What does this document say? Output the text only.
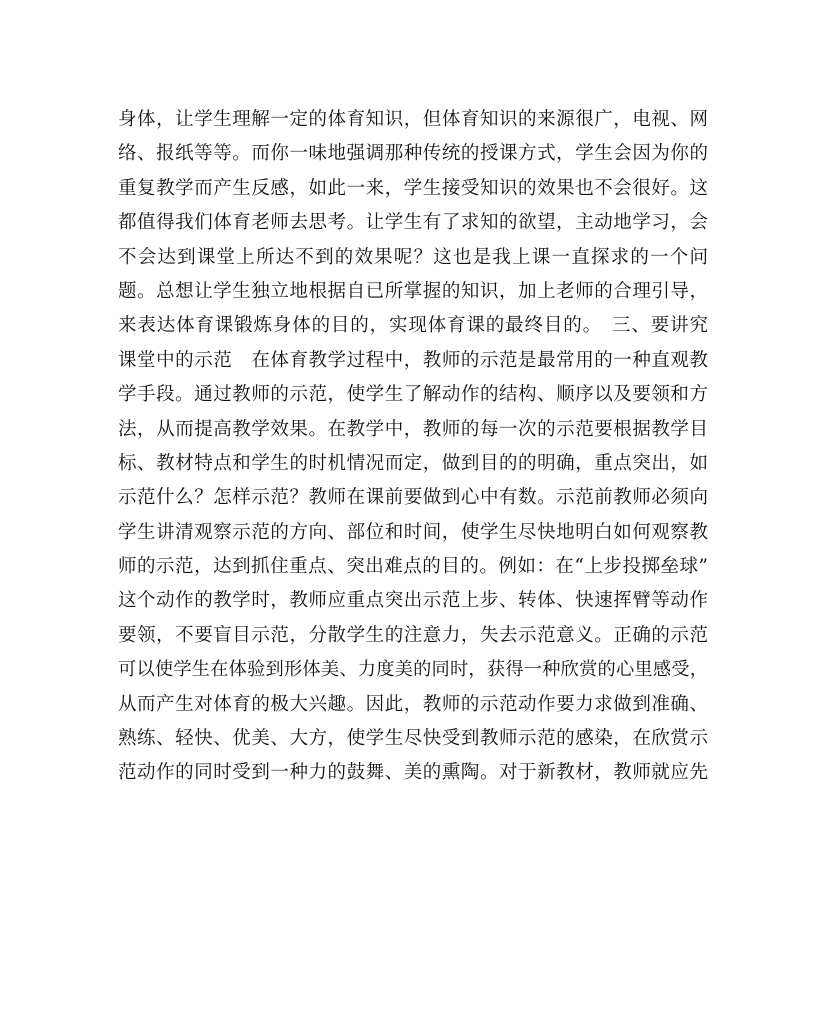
身体，让学生理解一定的体育知识，但体育知识的来源很广，电视、网
络、报纸等等。而你一味地强调那种传统的授课方式，学生会因为你的
重复教学而产生反感，如此一来，学生接受知识的效果也不会很好。这
都值得我们体育老师去思考。让学生有了求知的欲望，主动地学习，会
不会达到课堂上所达不到的效果呢？这也是我上课一直探求的一个问
题。总想让学生独立地根据自已所掌握的知识，加上老师的合理引导，
来表达体育课锻炼身体的目的，实现体育课的最终目的。　三、要讲究
课堂中的示范　在体育教学过程中，教师的示范是最常用的一种直观教
学手段。通过教师的示范，使学生了解动作的结构、顺序以及要领和方
法，从而提高教学效果。在教学中，教师的每一次的示范要根据教学目
标、教材特点和学生的时机情况而定，做到目的的明确，重点突出，如
示范什么？怎样示范？教师在课前要做到心中有数。示范前教师必须向
学生讲清观察示范的方向、部位和时间，使学生尽快地明白如何观察教
师的示范，达到抓住重点、突出难点的目的。例如：在“上步投掷垒球”
这个动作的教学时，教师应重点突出示范上步、转体、快速挥臂等动作
要领，不要盲目示范，分散学生的注意力，失去示范意义。正确的示范
可以使学生在体验到形体美、力度美的同时，获得一种欣赏的心里感受，
从而产生对体育的极大兴趣。因此，教师的示范动作要力求做到准确、
熟练、轻快、优美、大方，使学生尽快受到教师示范的感染，在欣赏示
范动作的同时受到一种力的鼓舞、美的熏陶。对于新教材，教师就应先
